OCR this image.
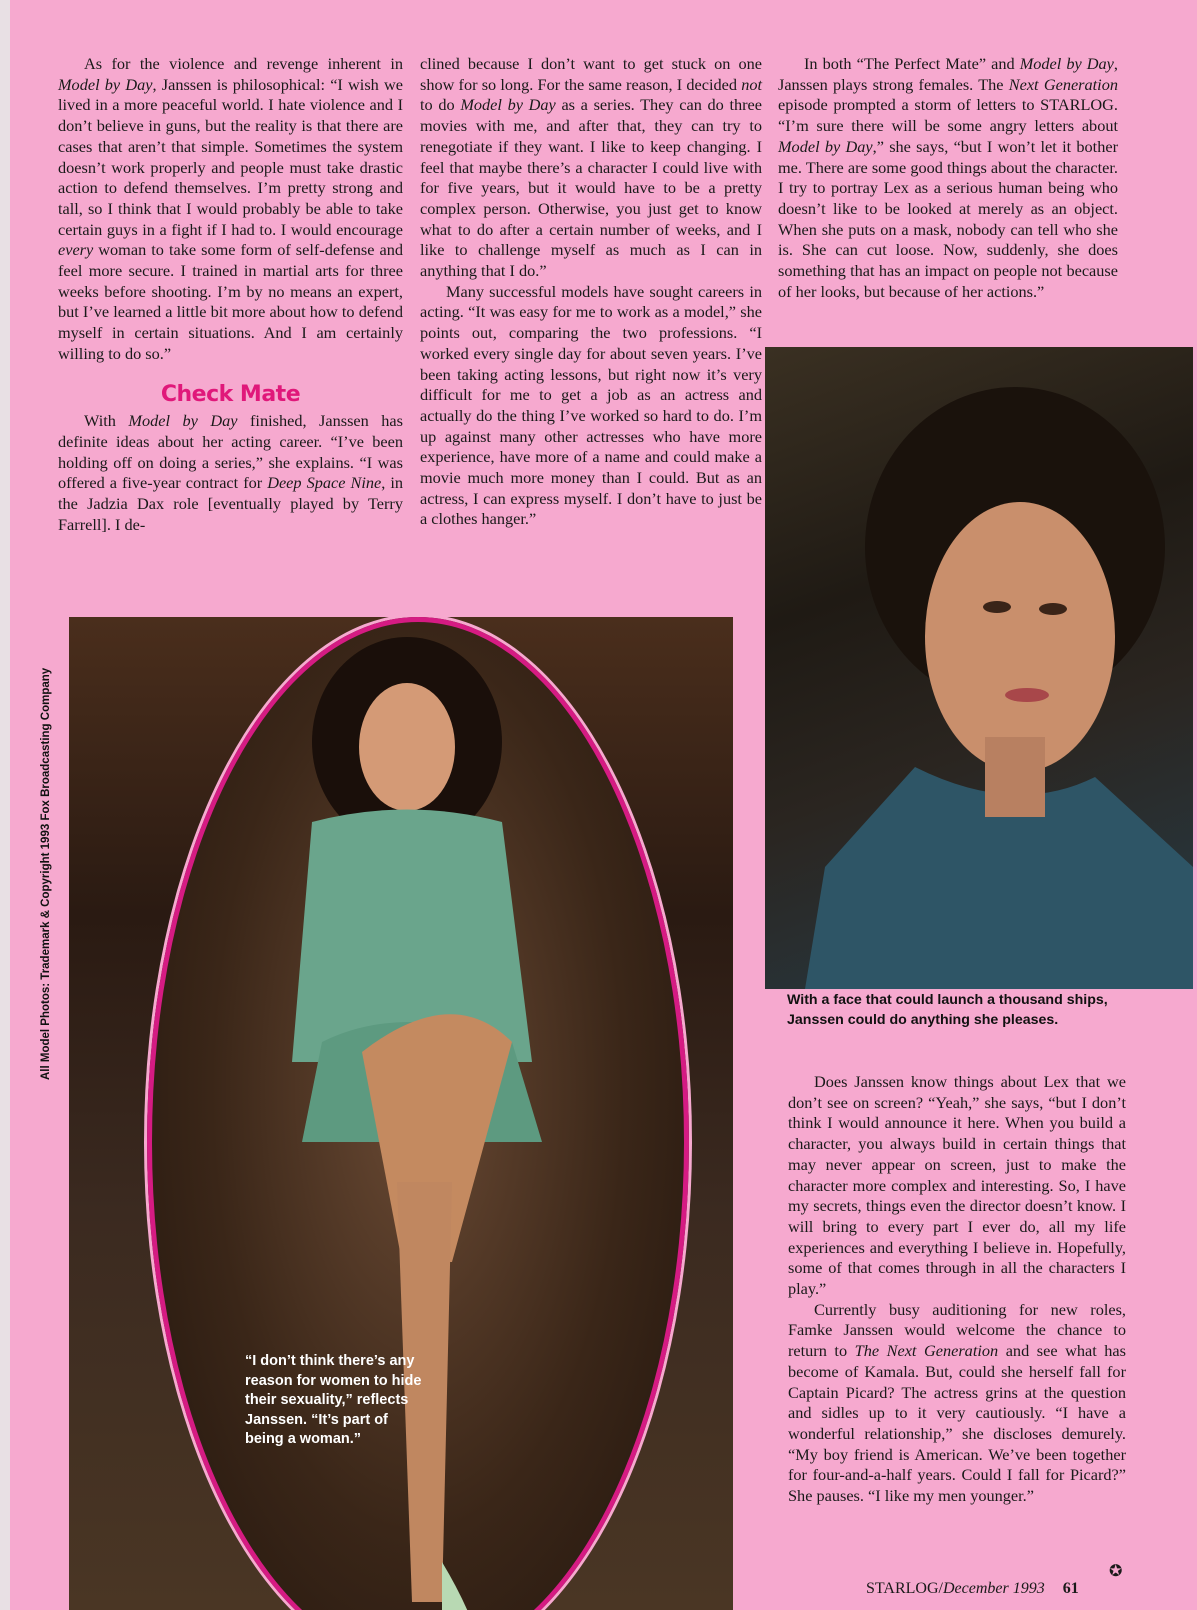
As for the violence and revenge inherent in Model by Day, Janssen is philosophical: “I wish we lived in a more peaceful world. I hate violence and I don’t believe in guns, but the reality is that there are cases that aren’t that simple. Sometimes the system doesn’t work properly and people must take drastic action to defend themselves. I’m pretty strong and tall, so I think that I would probably be able to take certain guys in a fight if I had to. I would encourage every woman to take some form of self-defense and feel more secure. I trained in martial arts for three weeks before shooting. I’m by no means an expert, but I’ve learned a little bit more about how to defend myself in certain situations. And I am certainly willing to do so.”

Check Mate

With Model by Day finished, Janssen has definite ideas about her acting career. “I’ve been holding off on doing a series,” she explains. “I was offered a five-year contract for Deep Space Nine, in the Jadzia Dax role [eventually played by Terry Farrell]. I de-

clined because I don’t want to get stuck on one show for so long. For the same reason, I decided not to do Model by Day as a series. They can do three movies with me, and after that, they can try to renegotiate if they want. I like to keep changing. I feel that maybe there’s a character I could live with for five years, but it would have to be a pretty complex person. Otherwise, you just get to know what to do after a certain number of weeks, and I like to challenge myself as much as I can in anything that I do.”

Many successful models have sought careers in acting. “It was easy for me to work as a model,” she points out, comparing the two professions. “I worked every single day for about seven years. I’ve been taking acting lessons, but right now it’s very difficult for me to get a job as an actress and actually do the thing I’ve worked so hard to do. I’m up against many other actresses who have more experience, have more of a name and could make a movie much more money than I could. But as an actress, I can express myself. I don’t have to just be a clothes hanger.”

In both “The Perfect Mate” and Model by Day, Janssen plays strong females. The Next Generation episode prompted a storm of letters to STARLOG. “I’m sure there will be some angry letters about Model by Day,” she says, “but I won’t let it bother me. There are some good things about the character. I try to portray Lex as a serious human being who doesn’t like to be looked at merely as an object. When she puts on a mask, nobody can tell who she is. She can cut loose. Now, suddenly, she does something that has an impact on people not because of her looks, but because of her actions.”

With a face that could launch a thousand ships, Janssen could do anything she pleases.

Does Janssen know things about Lex that we don’t see on screen? “Yeah,” she says, “but I don’t think I would announce it here. When you build a character, you always build in certain things that may never appear on screen, just to make the character more complex and interesting. So, I have my secrets, things even the director doesn’t know. I will bring to every part I ever do, all my life experiences and everything I believe in. Hopefully, some of that comes through in all the characters I play.”

Currently busy auditioning for new roles, Famke Janssen would welcome the chance to return to The Next Generation and see what has become of Kamala. But, could she herself fall for Captain Picard? The actress grins at the question and sidles up to it very cautiously. “I have a wonderful relationship,” she discloses demurely. “My boy friend is American. We’ve been together for four-and-a-half years. Could I fall for Picard?” She pauses. “I like my men younger.”

“I don’t think there’s any reason for women to hide their sexuality,” reflects Janssen. “It’s part of being a woman.”
All Model Photos: Trademark & Copyright 1993 Fox Broadcasting Company
✪
STARLOG/December 1993 61
